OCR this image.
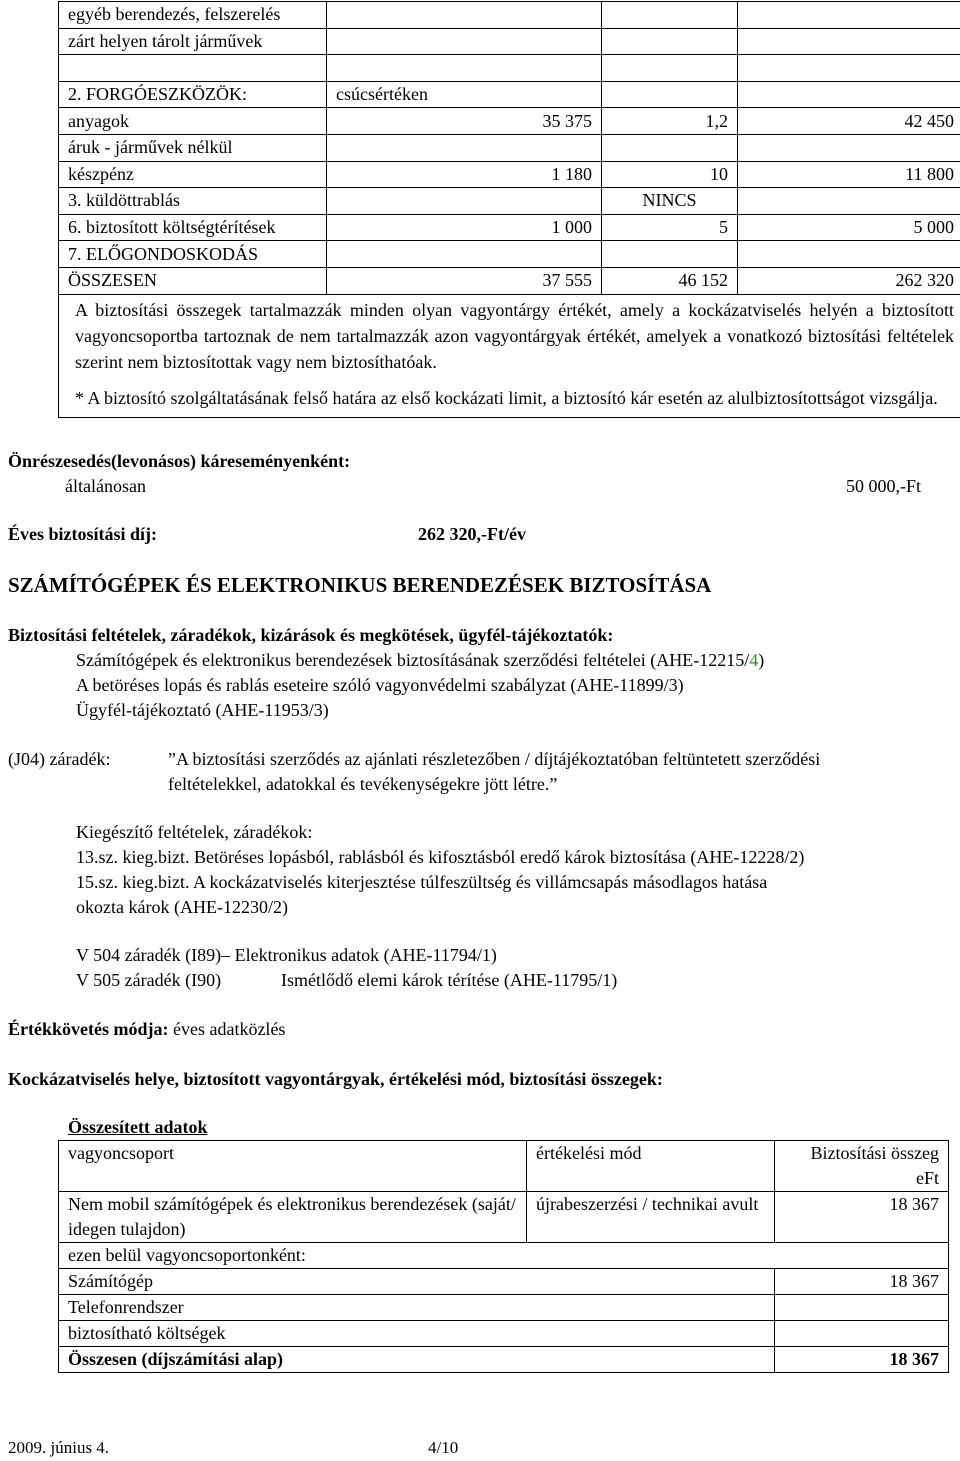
egyéb berendezés, felszerelés			
zárt helyen tárolt járművek			

2. FORGÓESZKÖZÖK:	csúcsértéken		
anyagok	35 375	1,2	42 450
áruk - járművek nélkül			
készpénz	1 180	10	11 800
3. küldöttrablás		NINCS	
6. biztosított költségtérítések	1 000	5	5 000
7. ELŐGONDOSKODÁS			
ÖSSZESEN	37 555	46 152	262 320

A biztosítási összegek tartalmazzák minden olyan vagyontárgy értékét, amely a kockázatviselés helyén a biztosított vagyoncsoportba tartoznak de nem tartalmazzák azon vagyontárgyak értékét, amelyek a vonatkozó biztosítási feltételek szerint nem biztosítottak vagy nem biztosíthatóak.
* A biztosító szolgáltatásának felső határa az első kockázati limit, a biztosító kár esetén az alulbiztosítottságot vizsgálja.			
Önrészesedés(levonásos) káreseményenként:
általánosan	50 000,-Ft
Éves biztosítási díj:	262 320,-Ft/év
SZÁMÍTÓGÉPEK ÉS ELEKTRONIKUS BERENDEZÉSEK BIZTOSÍTÁSA
Biztosítási feltételek, záradékok, kizárások és megkötések, ügyfél-tájékoztatók:
Számítógépek és elektronikus berendezések biztosításának szerződési feltételei (AHE-12215/4)
A betöréses lopás és rablás eseteire szóló vagyonvédelmi szabályzat (AHE-11899/3)
Ügyfél-tájékoztató (AHE-11953/3)
(J04) záradék:	”A biztosítási szerződés az ajánlati részletezőben / díjtájékoztatóban feltüntetett szerződési
feltételekkel, adatokkal és tevékenységekre jött létre.”
Kiegészítő feltételek, záradékok:
13.sz. kieg.bizt. Betöréses lopásból, rablásból és kifosztásból eredő károk biztosítása (AHE-12228/2)
15.sz. kieg.bizt. A kockázatviselés kiterjesztése túlfeszültség és villámcsapás másodlagos hatása
okozta károk (AHE-12230/2)
V 504 záradék (I89)– Elektronikus adatok (AHE-11794/1)
V 505 záradék (I90)	Ismétlődő elemi károk térítése (AHE-11795/1)
Értékkövetés módja: éves adatközlés
Kockázatviselés helye, biztosított vagyontárgyak, értékelési mód, biztosítási összegek:
Összesített adatok
vagyoncsoport	értékelési mód	Biztosítási összeg eFt
Nem mobil számítógépek és elektronikus berendezések (saját/ idegen tulajdon)	újrabeszerzési / technikai avult	18 367
ezen belül vagyoncsoportonként:		
Számítógép		18 367
Telefonrendszer		
biztosítható költségek		
Összesen (díjszámítási alap)		18 367
2009. június 4.	4/10
